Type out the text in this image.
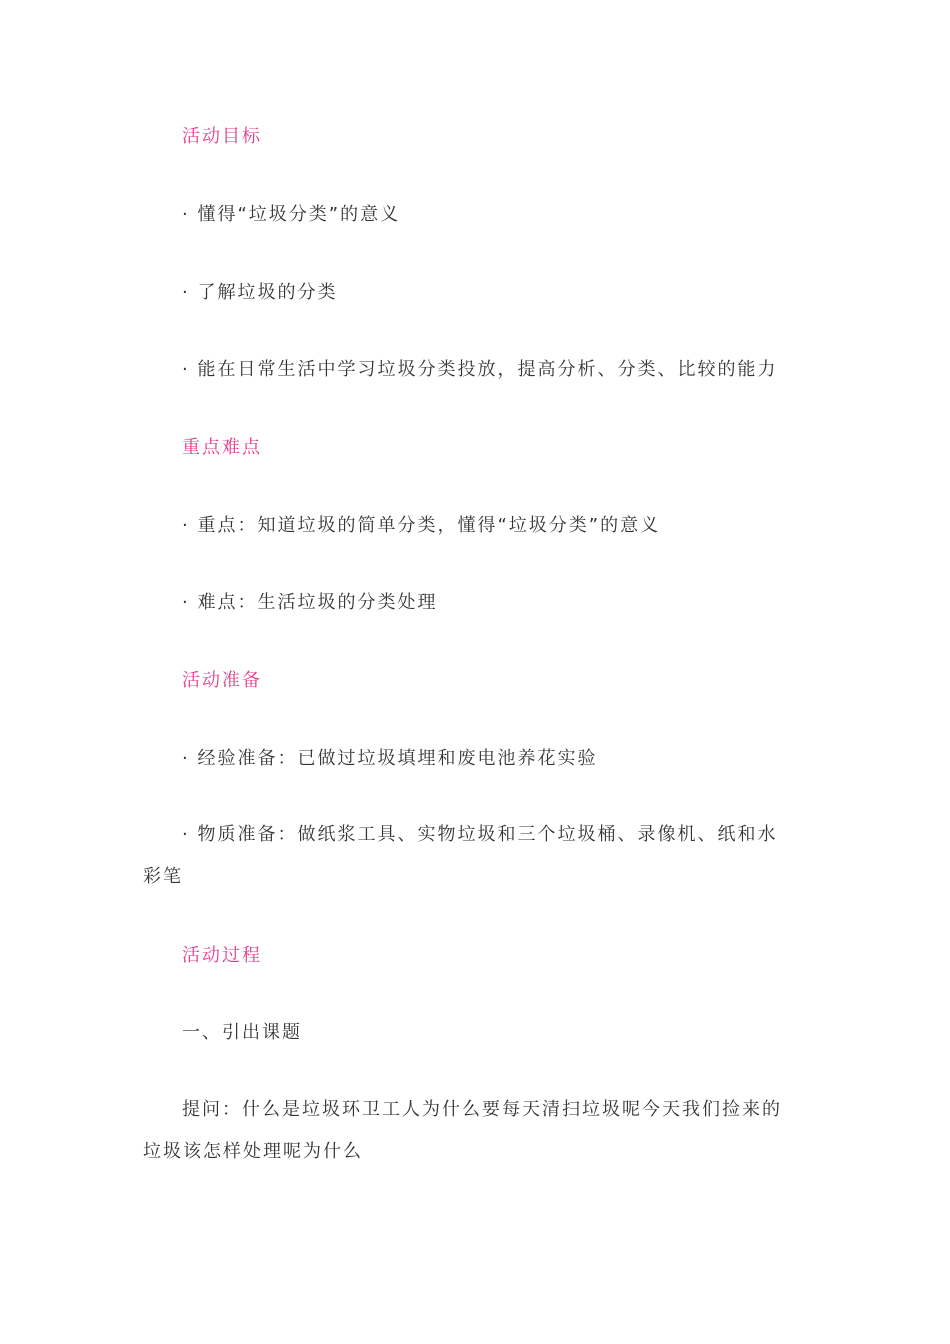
活动目标

· 懂得“垃圾分类”的意义

· 了解垃圾的分类

· 能在日常生活中学习垃圾分类投放，提高分析、分类、比较的能力

重点难点

· 重点：知道垃圾的简单分类，懂得“垃圾分类”的意义

· 难点：生活垃圾的分类处理

活动准备

· 经验准备：已做过垃圾填埋和废电池养花实验

· 物质准备：做纸浆工具、实物垃圾和三个垃圾桶、录像机、纸和水彩笔

活动过程

一、引出课题

提问：什么是垃圾环卫工人为什么要每天清扫垃圾呢今天我们捡来的垃圾该怎样处理呢为什么
